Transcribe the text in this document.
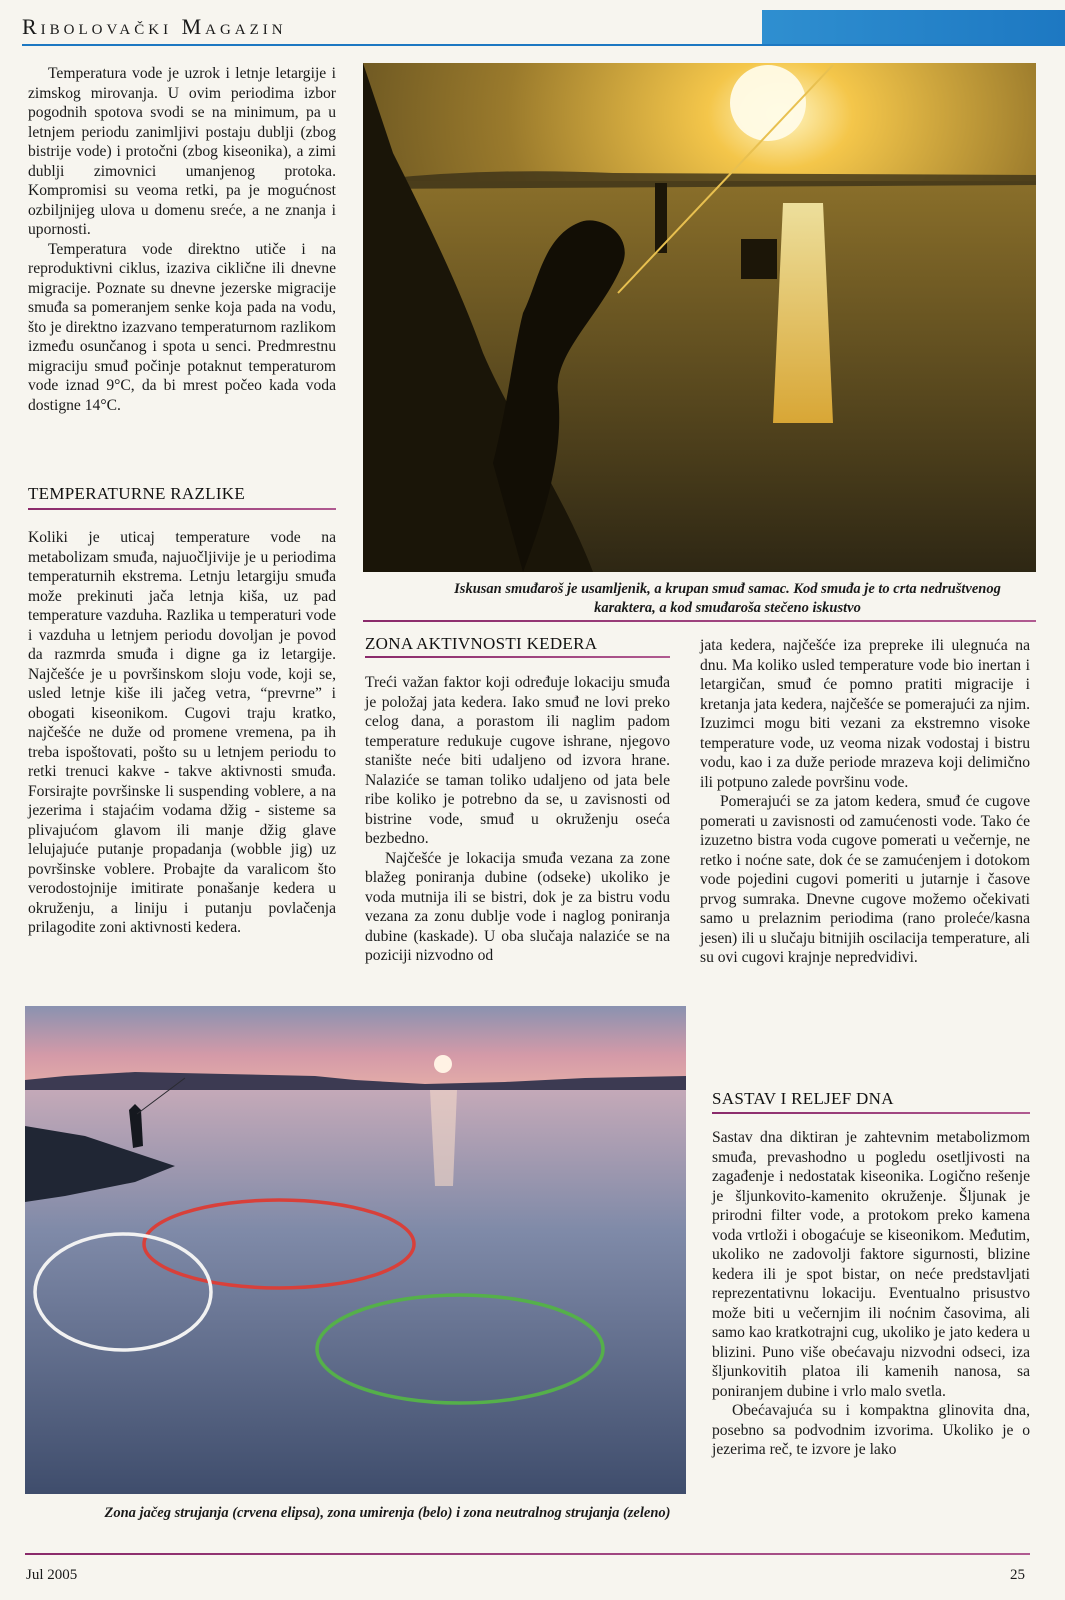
Ribolovački Magazin

Temperatura vode je uzrok i letnje letargije i zimskog mirovanja. U ovim periodima izbor pogodnih spotova svodi se na minimum, pa u letnjem periodu zanimljivi postaju dublji (zbog bistrije vode) i protočni (zbog kiseonika), a zimi dublji zimovnici umanjenog protoka. Kompromisi su veoma retki, pa je mogućnost ozbiljnijeg ulova u domenu sreće, a ne znanja i upornosti.

Temperatura vode direktno utiče i na reproduktivni ciklus, izaziva ciklične ili dnevne migracije. Poznate su dnevne jezerske migracije smuđa sa pomeranjem senke koja pada na vodu, što je direktno izazvano temperaturnom razlikom između osunčanog i spota u senci. Predmrestnu migraciju smuđ počinje potaknut temperaturom vode iznad 9°C, da bi mrest počeo kada voda dostigne 14°C.

TEMPERATURNE RAZLIKE

Koliki je uticaj temperature vode na metabolizam smuđa, najuočljivije je u periodima temperaturnih ekstrema. Letnju letargiju smuđa može prekinuti jača letnja kiša, uz pad temperature vazduha. Razlika u temperaturi vode i vazduha u letnjem periodu dovoljan je povod da razmrda smuđa i digne ga iz letargije. Najčešće je u površinskom sloju vode, koji se, usled letnje kiše ili jačeg vetra, “prevrne” i obogati kiseonikom. Cugovi traju kratko, najčešće ne duže od promene vremena, pa ih treba ispoštovati, pošto su u letnjem periodu to retki trenuci kakve - takve aktivnosti smuđa. Forsirajte površinske li suspending voblere, a na jezerima i stajaćim vodama džig - sisteme sa plivajućom glavom ili manje džig glave lelujajuće putanje propadanja (wobble jig) uz površinske voblere. Probajte da varalicom što verodostojnije imitirate ponašanje kedera u okruženju, a liniju i putanju povlačenja prilagodite zoni aktivnosti kedera.

Iskusan smuđaroš je usamljenik, a krupan smuđ samac. Kod smuđa je to crta nedruštvenog karaktera, a kod smuđaroša stečeno iskustvo
ZONA AKTIVNOSTI KEDERA

Treći važan faktor koji određuje lokaciju smuđa je položaj jata kedera. Iako smuđ ne lovi preko celog dana, a porastom ili naglim padom temperature redukuje cugove ishrane, njegovo stanište neće biti udaljeno od izvora hrane. Nalaziće se taman toliko udaljeno od jata bele ribe koliko je potrebno da se, u zavisnosti od bistrine vode, smuđ u okruženju oseća bezbedno.

Najčešće je lokacija smuđa vezana za zone blažeg poniranja dubine (odseke) ukoliko je voda mutnija ili se bistri, dok je za bistru vodu vezana za zonu dublje vode i naglog poniranja dubine (kaskade). U oba slučaja nalaziće se na poziciji nizvodno od

jata kedera, najčešće iza prepreke ili ulegnuća na dnu. Ma koliko usled temperature vode bio inertan i letargičan, smuđ će pomno pratiti migracije i kretanja jata kedera, najčešće se pomerajući za njim. Izuzimci mogu biti vezani za ekstremno visoke temperature vode, uz veoma nizak vodostaj i bistru vodu, kao i za duže periode mrazeva koji delimično ili potpuno zalede površinu vode.

Pomerajući se za jatom kedera, smuđ će cugove pomerati u zavisnosti od zamućenosti vode. Tako će izuzetno bistra voda cugove pomerati u večernje, ne retko i noćne sate, dok će se zamućenjem i dotokom vode pojedini cugovi pomeriti u jutarnje i časove prvog sumraka. Dnevne cugove možemo očekivati samo u prelaznim periodima (rano proleće/kasna jesen) ili u slučaju bitnijih oscilacija temperature, ali su ovi cugovi krajnje nepredvidivi.

SASTAV I RELJEF DNA

Sastav dna diktiran je zahtevnim metabolizmom smuđa, prevashodno u pogledu osetljivosti na zagađenje i nedostatak kiseonika. Logično rešenje je šljunkovito-kamenito okruženje. Šljunak je prirodni filter vode, a protokom preko kamena voda vrtloži i obogaćuje se kiseonikom. Međutim, ukoliko ne zadovolji faktore sigurnosti, blizine kedera ili je spot bistar, on neće predstavljati reprezentativnu lokaciju. Eventualno prisustvo može biti u večernjim ili noćnim časovima, ali samo kao kratkotrajni cug, ukoliko je jato kedera u blizini. Puno više obećavaju nizvodni odseci, iza šljunkovitih platoa ili kamenih nanosa, sa poniranjem dubine i vrlo malo svetla.

Obećavajuća su i kompaktna glinovita dna, posebno sa podvodnim izvorima. Ukoliko je o jezerima reč, te izvore je lako

Zona jačeg strujanja (crvena elipsa), zona umirenja (belo) i zona neutralnog strujanja (zeleno)
Jul 2005	25
